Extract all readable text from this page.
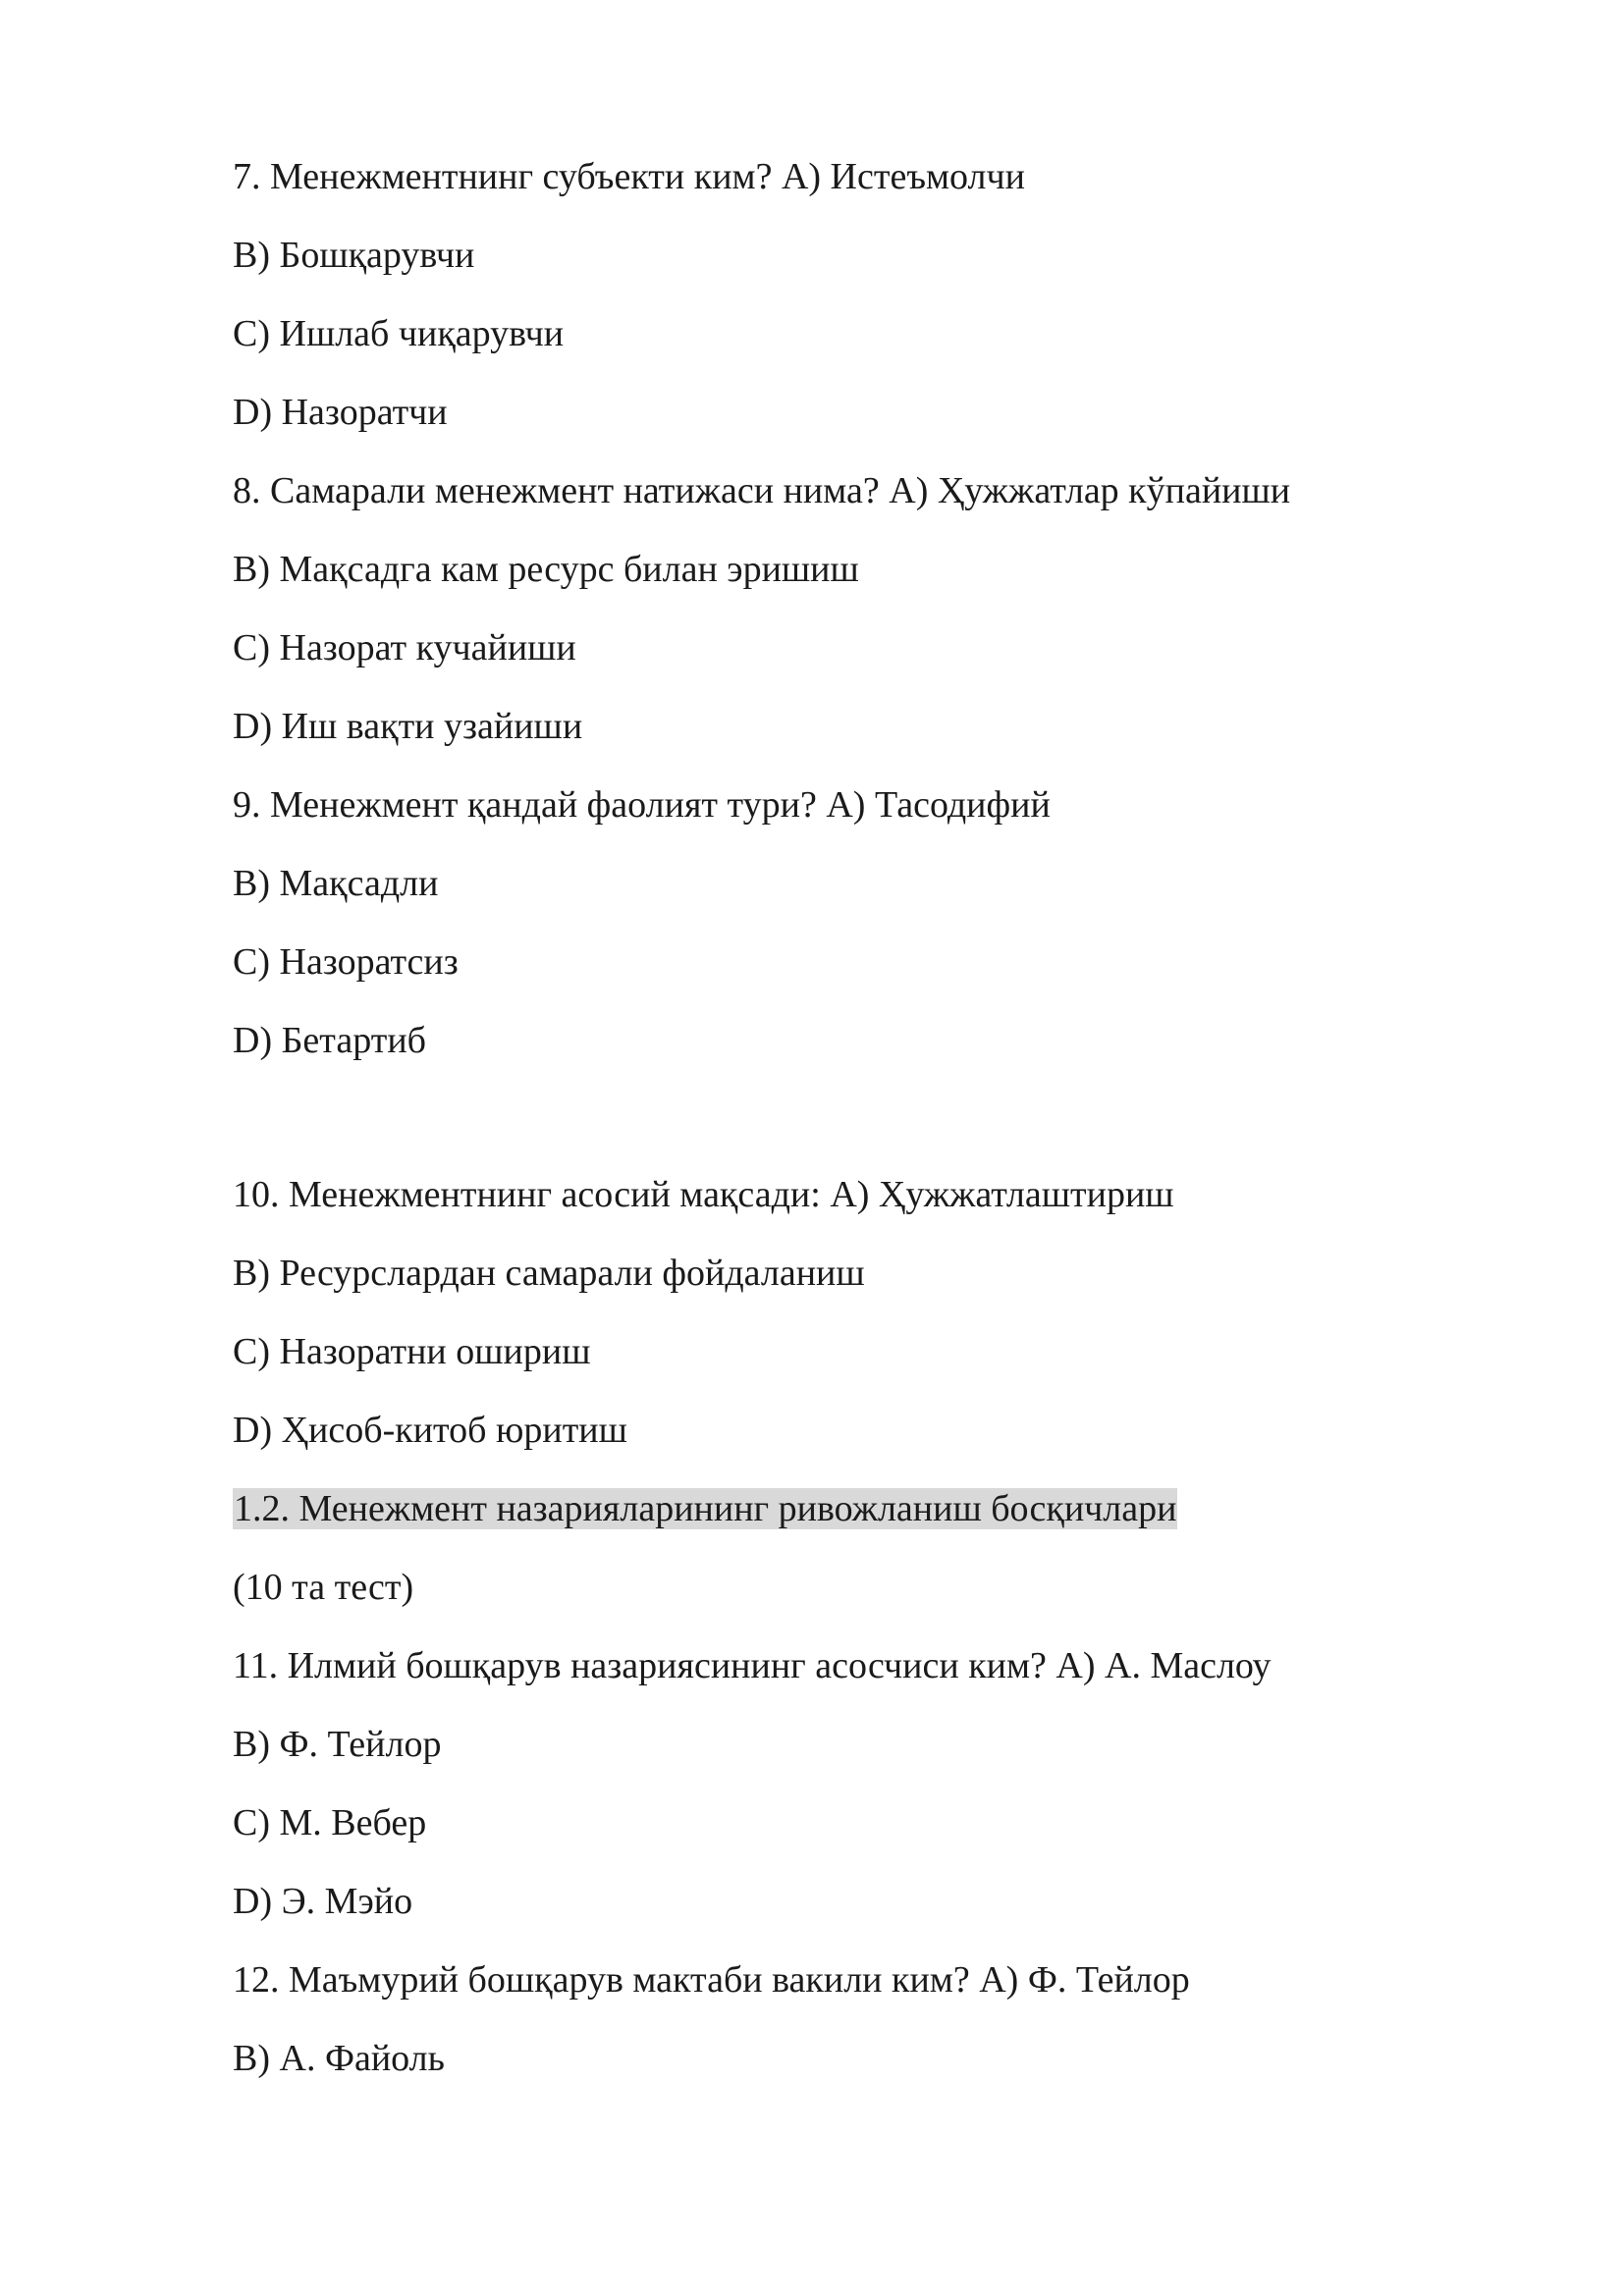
7. Менежментнинг субъекти ким? A) Истеъмолчи
B) Бошқарувчи
C) Ишлаб чиқарувчи
D) Назоратчи
8. Самарали менежмент натижаси нима? A) Ҳужжатлар кўпайиши
B) Мақсадга кам ресурс билан эришиш
C) Назорат кучайиши
D) Иш вақти узайиши
9. Менежмент қандай фаолият тури? A) Тасодифий
B) Мақсадли
C) Назоратсиз
D) Бетартиб
10. Менежментнинг асосий мақсади: A) Ҳужжатлаштириш
B) Ресурслардан самарали фойдаланиш
C) Назоратни ошириш
D) Ҳисоб-китоб юритиш
1.2. Менежмент назарияларининг ривожланиш босқичлари
(10 та тест)
11. Илмий бошқарув назариясининг асосчиси ким? A) А. Маслоу
B) Ф. Тейлор
C) М. Вебер
D) Э. Мэйо
12. Маъмурий бошқарув мактаби вакили ким? A) Ф. Тейлор
B) А. Файоль
